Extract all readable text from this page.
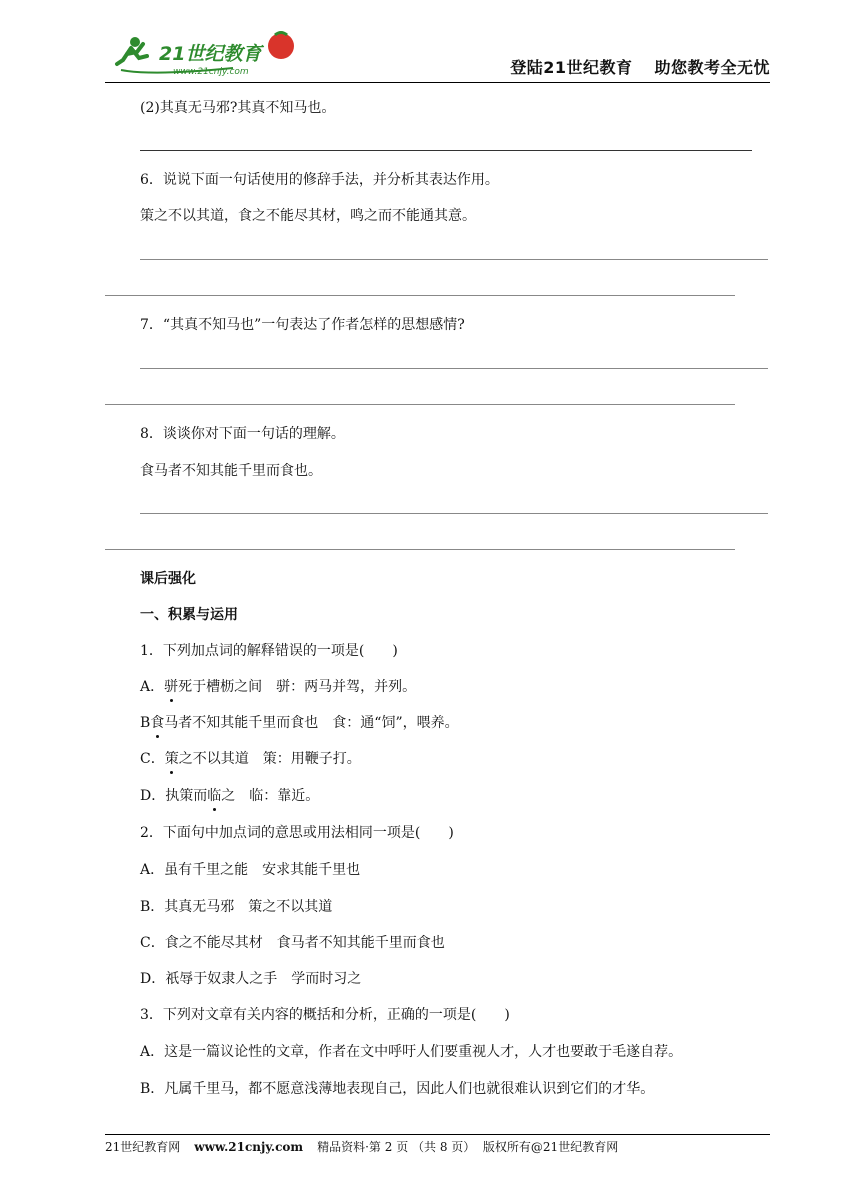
21世纪教育
www.21cnjy.com	登陆21世纪教育 助您教考全无忧
(2)其真无马邪?其真不知马也。
6．说说下面一句话使用的修辞手法，并分析其表达作用。
策之不以其道，食之不能尽其材，鸣之而不能通其意。
7．“其真不知马也”一句表达了作者怎样的思想感情?
8．谈谈你对下面一句话的理解。
食马者不知其能千里而食也。
课后强化
一、积累与运用
1．下列加点词的解释错误的一项是(　　)
A．骈死于槽枥之间　骈：两马并驾，并列。
B食马者不知其能千里而食也　食：通“饲”，喂养。
C．策之不以其道　策：用鞭子打。
D．执策而临之　临：靠近。
2．下面句中加点词的意思或用法相同一项是(　　)
A．虽有千里之能　安求其能千里也
B．其真无马邪　策之不以其道
C．食之不能尽其材　食马者不知其能千里而食也
D．祇辱于奴隶人之手　学而时习之
3．下列对文章有关内容的概括和分析，正确的一项是(　　)
A．这是一篇议论性的文章，作者在文中呼吁人们要重视人才，人才也要敢于毛遂自荐。
B．凡属千里马，都不愿意浅薄地表现自己，因此人们也就很难认识到它们的才华。
21世纪教育网 www.21cnjy.com 精品资料·第 2 页 （共 8 页） 版权所有@21世纪教育网
